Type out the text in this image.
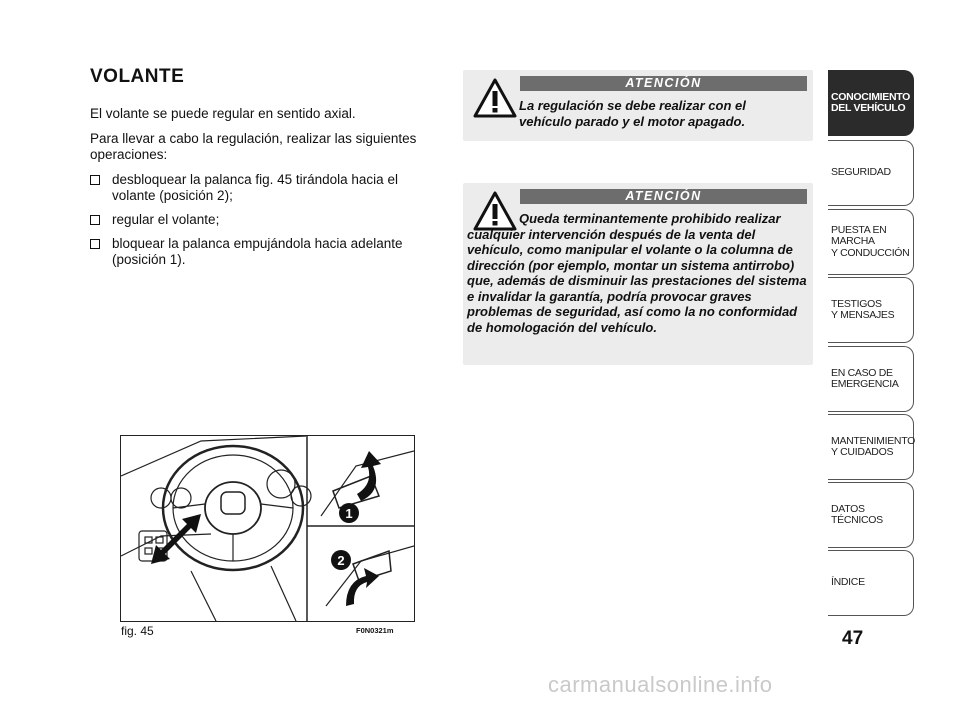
VOLANTE

El volante se puede regular en sentido axial.

Para llevar a cabo la regulación, realizar las siguientes operaciones:

desbloquear la palanca fig. 45 tirándola hacia el volante (posición 2);
regular el volante;
bloquear la palanca empujándola hacia adelante (posición 1).
ATENCIÓN
La regulación se debe realizar con el vehículo parado y el motor apagado.
ATENCIÓN
Queda terminantemente prohibido realizar cualquier intervención después de la venta del vehículo, como manipular el volante o la columna de dirección (por ejemplo, montar un sistema antirrobo) que, además de disminuir las prestaciones del sistema e invalidar la garantía, podría provocar graves problemas de seguridad, así como la no conformidad de homologación del vehículo.
1
2
fig. 45	F0N0321m
CONOCIMIENTO
DEL VEHÍCULO
SEGURIDAD
PUESTA EN
MARCHA
Y CONDUCCIÓN
TESTIGOS
Y MENSAJES
EN CASO DE
EMERGENCIA
MANTENIMIENTO
Y CUIDADOS
DATOS
TÉCNICOS
ÍNDICE
47
carmanualsonline.info
